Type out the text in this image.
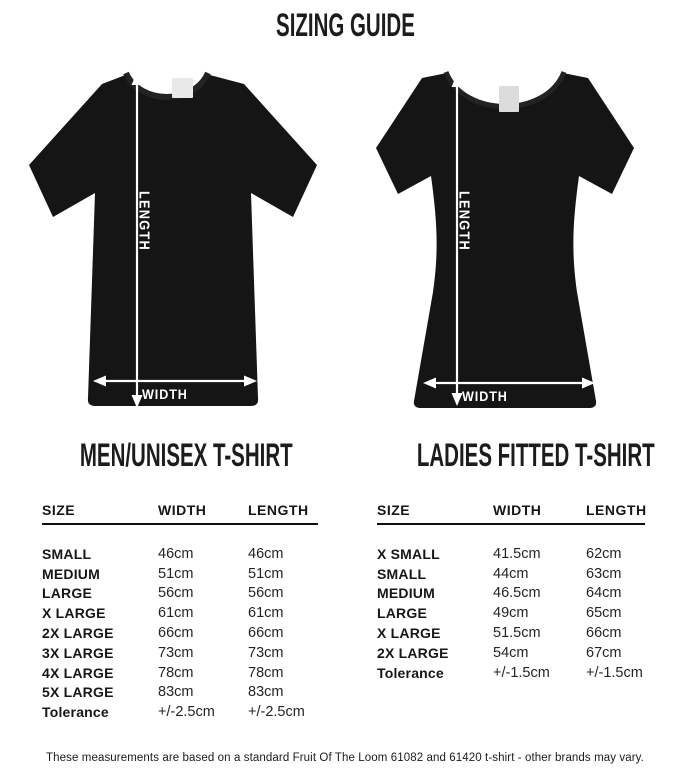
SIZING GUIDE
LENGTH
WIDTH
LENGTH
WIDTH
MEN/UNISEX T-SHIRT	LADIES FITTED T-SHIRT
SIZE	WIDTH	LENGTH
SMALL	46cm	46cm
MEDIUM	51cm	51cm
LARGE	56cm	56cm
X LARGE	61cm	61cm
2X LARGE	66cm	66cm
3X LARGE	73cm	73cm
4X LARGE	78cm	78cm
5X LARGE	83cm	83cm
Tolerance	+/-2.5cm	+/-2.5cm
SIZE	WIDTH	LENGTH
X SMALL	41.5cm	62cm
SMALL	44cm	63cm
MEDIUM	46.5cm	64cm
LARGE	49cm	65cm
X LARGE	51.5cm	66cm
2X LARGE	54cm	67cm
Tolerance	+/-1.5cm	+/-1.5cm
These measurements are based on a standard Fruit Of The Loom 61082 and 61420 t-shirt - other brands may vary.
